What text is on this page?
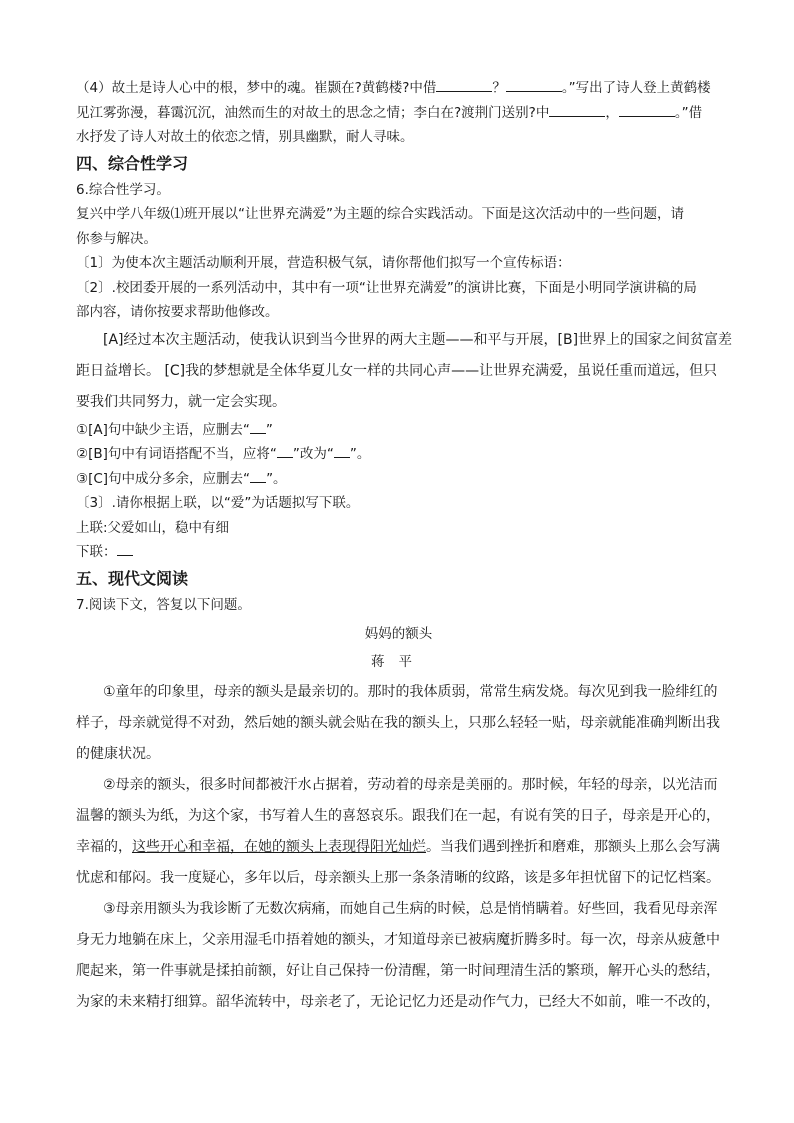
（4）故土是诗人心中的根，梦中的魂。崔颢在?黄鹤楼?中借	？	。”写出了诗人登上黄鹤楼
见江雾弥漫，暮霭沉沉，油然而生的对故土的思念之情；李白在?渡荆门送别?中	，	。”借
水抒发了诗人对故土的依恋之情，别具幽默，耐人寻味。
四、综合性学习
6.综合性学习。
复兴中学八年级⑴班开展以“让世界充满爱”为主题的综合实践活动。下面是这次活动中的一些问题，请
你参与解决。
〔1〕为使本次主题活动顺利开展，营造积极气氛，请你帮他们拟写一个宣传标语：
〔2〕.校团委开展的一系列活动中，其中有一项“让世界充满爱”的演讲比赛，下面是小明同学演讲稿的局
部内容，请你按要求帮助他修改。
[A]经过本次主题活动，使我认识到当今世界的两大主题——和平与开展，[B]世界上的国家之间贫富差
距日益增长。 [C]我的梦想就是全体华夏儿女一样的共同心声——让世界充满爱，虽说任重而道远，但只
要我们共同努力，就一定会实现。
①[A]句中缺少主语，应删去“ ”
②[B]句中有词语搭配不当，应将“ ”改为“ ”。
③[C]句中成分多余，应删去“ ”。
〔3〕.请你根据上联，以“爱”为话题拟写下联。
上联:父爱如山，稳中有细
下联：
五、现代文阅读
7.阅读下文，答复以下问题。
妈妈的额头
蒋平
①童年的印象里，母亲的额头是最亲切的。那时的我体质弱，常常生病发烧。每次见到我一脸绯红的
样子，母亲就觉得不对劲，然后她的额头就会贴在我的额头上，只那么轻轻一贴，母亲就能准确判断出我
的健康状况。
②母亲的额头，很多时间都被汗水占据着，劳动着的母亲是美丽的。那时候，年轻的母亲，以光洁而
温馨的额头为纸，为这个家，书写着人生的喜怒哀乐。跟我们在一起，有说有笑的日子，母亲是开心的，
幸福的，这些开心和幸福，在她的额头上表现得阳光灿烂。当我们遇到挫折和磨难，那额头上那么会写满
忧虑和郁闷。我一度疑心，多年以后，母亲额头上那一条条清晰的纹路，该是多年担忧留下的记忆档案。
③母亲用额头为我诊断了无数次病痛，而她自己生病的时候，总是悄悄瞒着。好些回，我看见母亲浑
身无力地躺在床上，父亲用湿毛巾捂着她的额头，才知道母亲已被病魔折腾多时。每一次，母亲从疲惫中
爬起来，第一件事就是揉拍前额，好让自己保持一份清醒，第一时间理清生活的繁琐，解开心头的愁结，
为家的未来精打细算。韶华流转中，母亲老了，无论记忆力还是动作气力，已经大不如前，唯一不改的，
